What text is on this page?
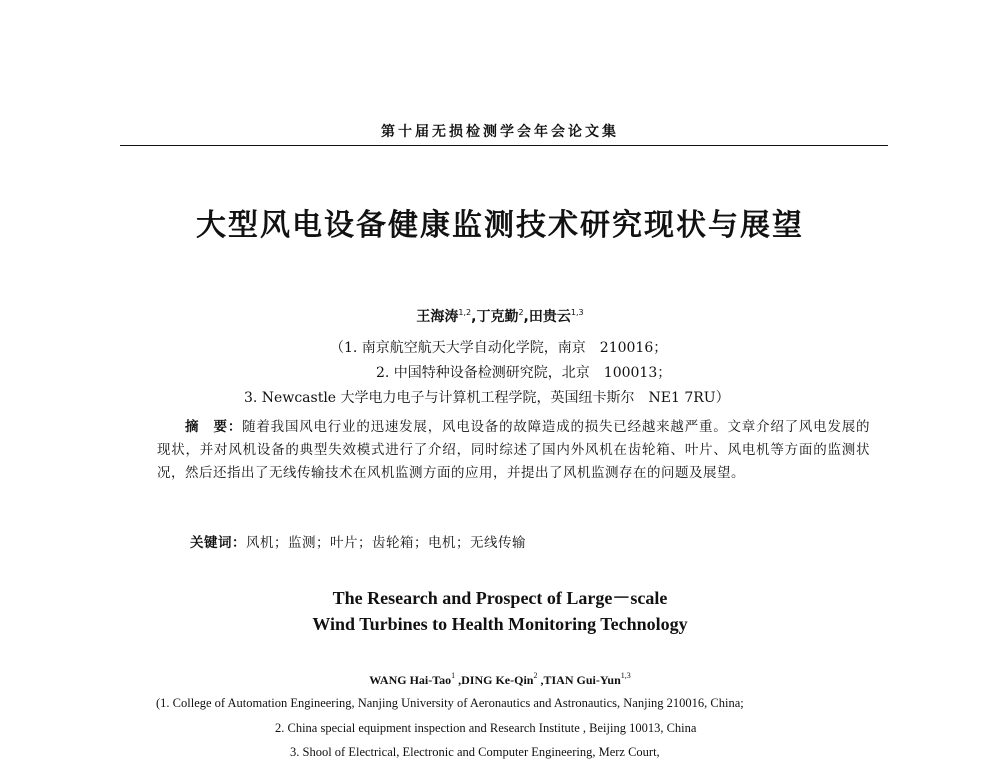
第十届无损检测学会年会论文集
大型风电设备健康监测技术研究现状与展望
王海涛$^{1,2}$,丁克勤$^2$,田贵云$^{1,3}$
（1. 南京航空航天大学自动化学院，南京　210016；
2. 中国特种设备检测研究院，北京　100013；
3. Newcastle 大学电力电子与计算机工程学院，英国纽卡斯尔　NE1 7RU）
摘　要：随着我国风电行业的迅速发展，风电设备的故障造成的损失已经越来越严重。文章介绍了风电发展的现状，并对风机设备的典型失效模式进行了介绍，同时综述了国内外风机在齿轮箱、叶片、风电机等方面的监测状况，然后还指出了无线传输技术在风机监测方面的应用，并提出了风机监测存在的问题及展望。
关键词：风机；监测；叶片；齿轮箱；电机；无线传输
The Research and Prospect of Large－scale
Wind Turbines to Health Monitoring Technology
WANG Hai-Tao$^1$ ,DING Ke-Qin$^2$ ,TIAN Gui-Yun$^{1,3}$
(1. College of Automation Engineering, Nanjing University of Aeronautics and Astronautics, Nanjing 210016, China;
2. China special equipment inspection and Research Institute , Beijing 10013, China
3. Shool of Electrical, Electronic and Computer Engineering, Merz Court,
